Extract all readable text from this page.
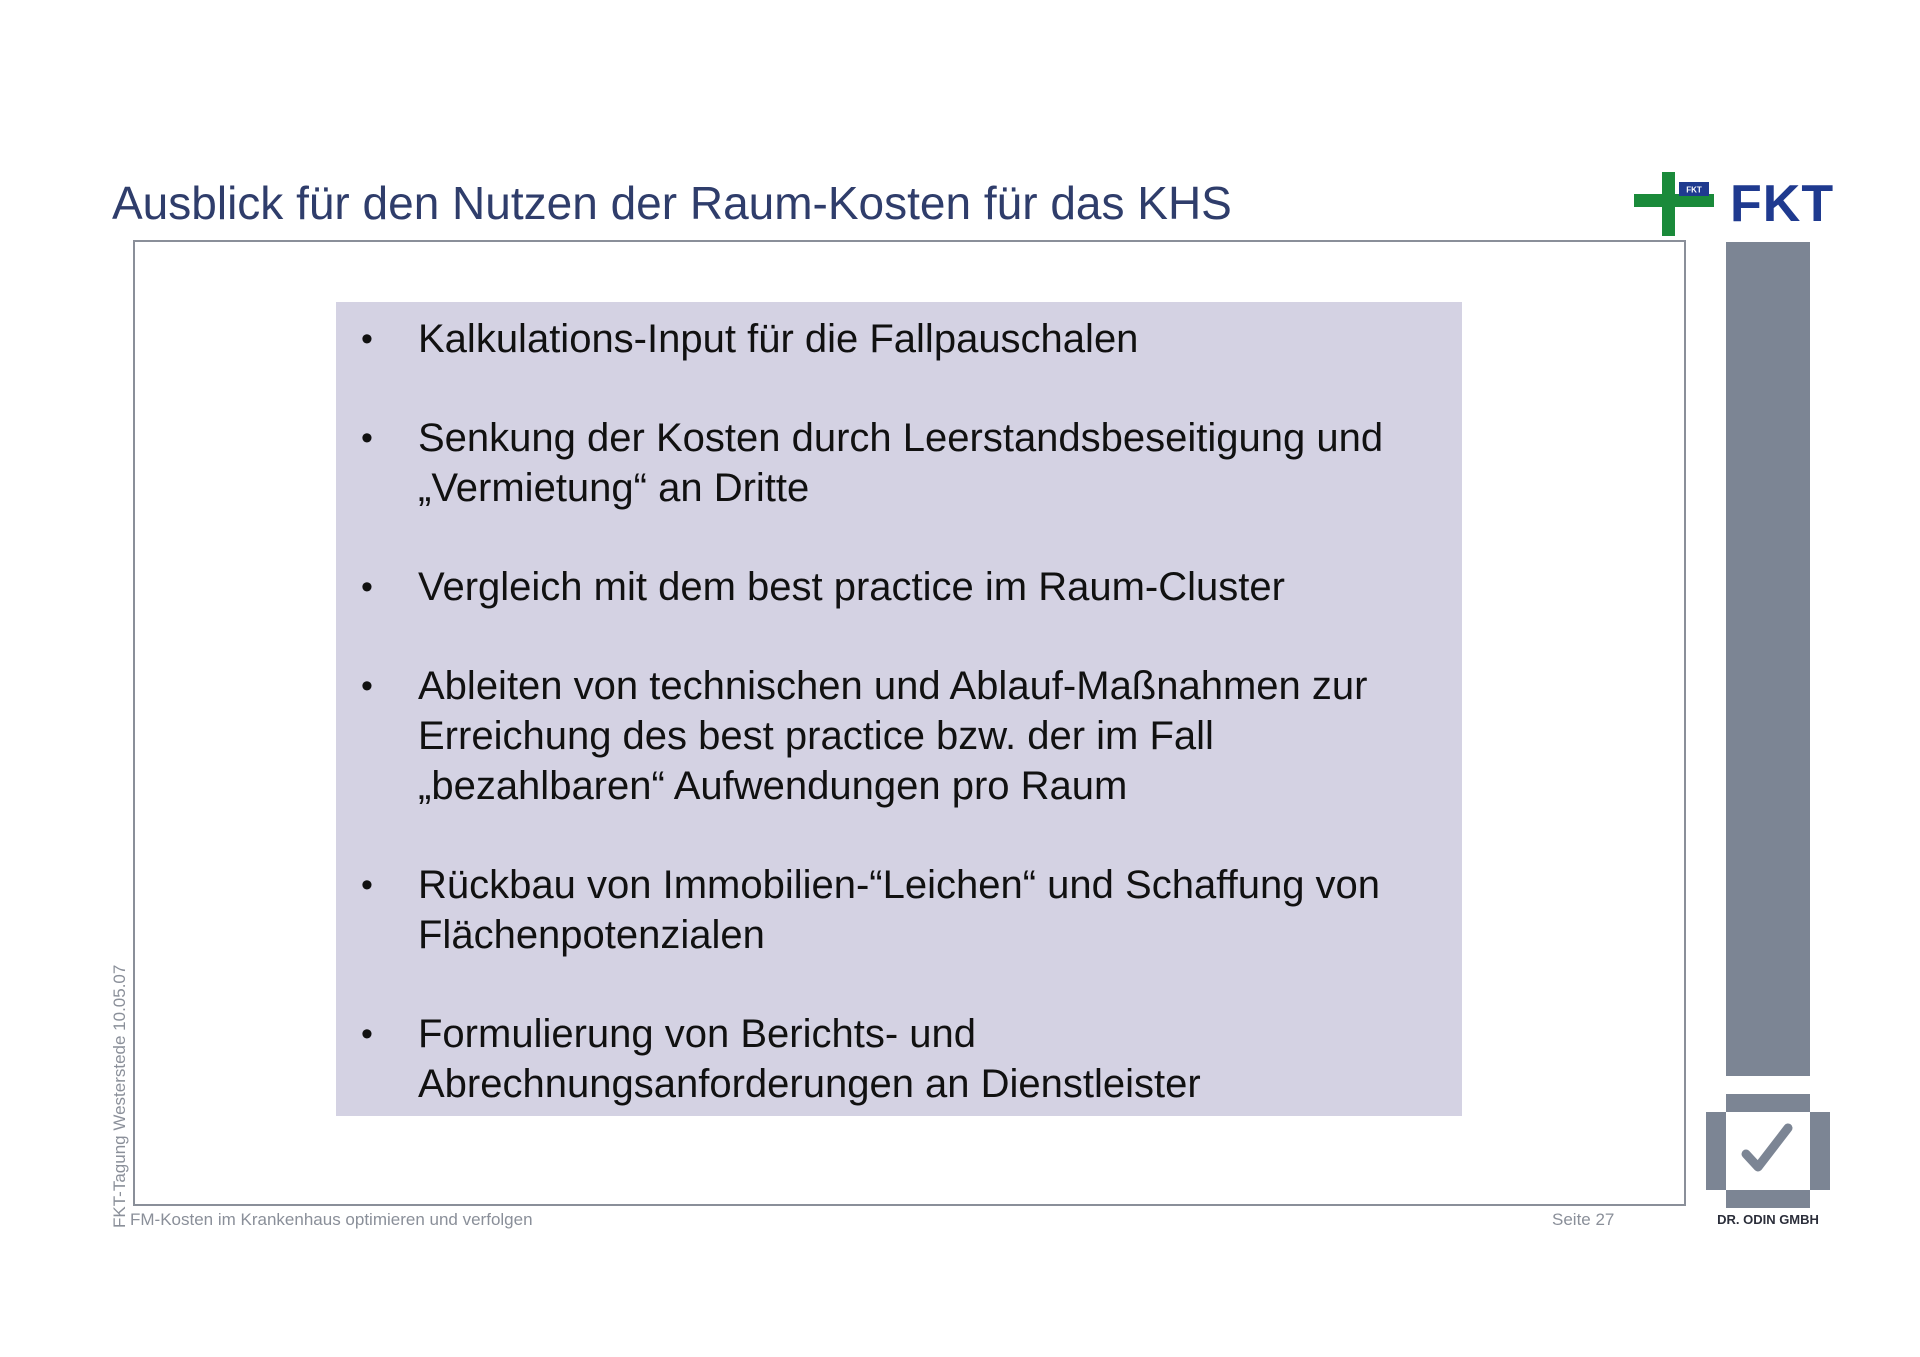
Ausblick für den Nutzen der Raum-Kosten für das KHS	FKT FKT
• Kalkulations-Input für die Fallpauschalen
• Senkung der Kosten durch Leerstandsbeseitigung und „Vermietung“ an Dritte
• Vergleich mit dem best practice im Raum-Cluster
• Ableiten von technischen und Ablauf-Maßnahmen zur Erreichung des best practice bzw. der im Fall „bezahlbaren“ Aufwendungen pro Raum
• Rückbau von Immobilien-“Leichen“ und Schaffung von Flächenpotenzialen
• Formulierung von Berichts- und Abrechnungsanforderungen an Dienstleister
DR. ODIN GMBH
FKT-Tagung Westerstede 10.05.07 FM-Kosten im Krankenhaus optimieren und verfolgen	Seite 27
